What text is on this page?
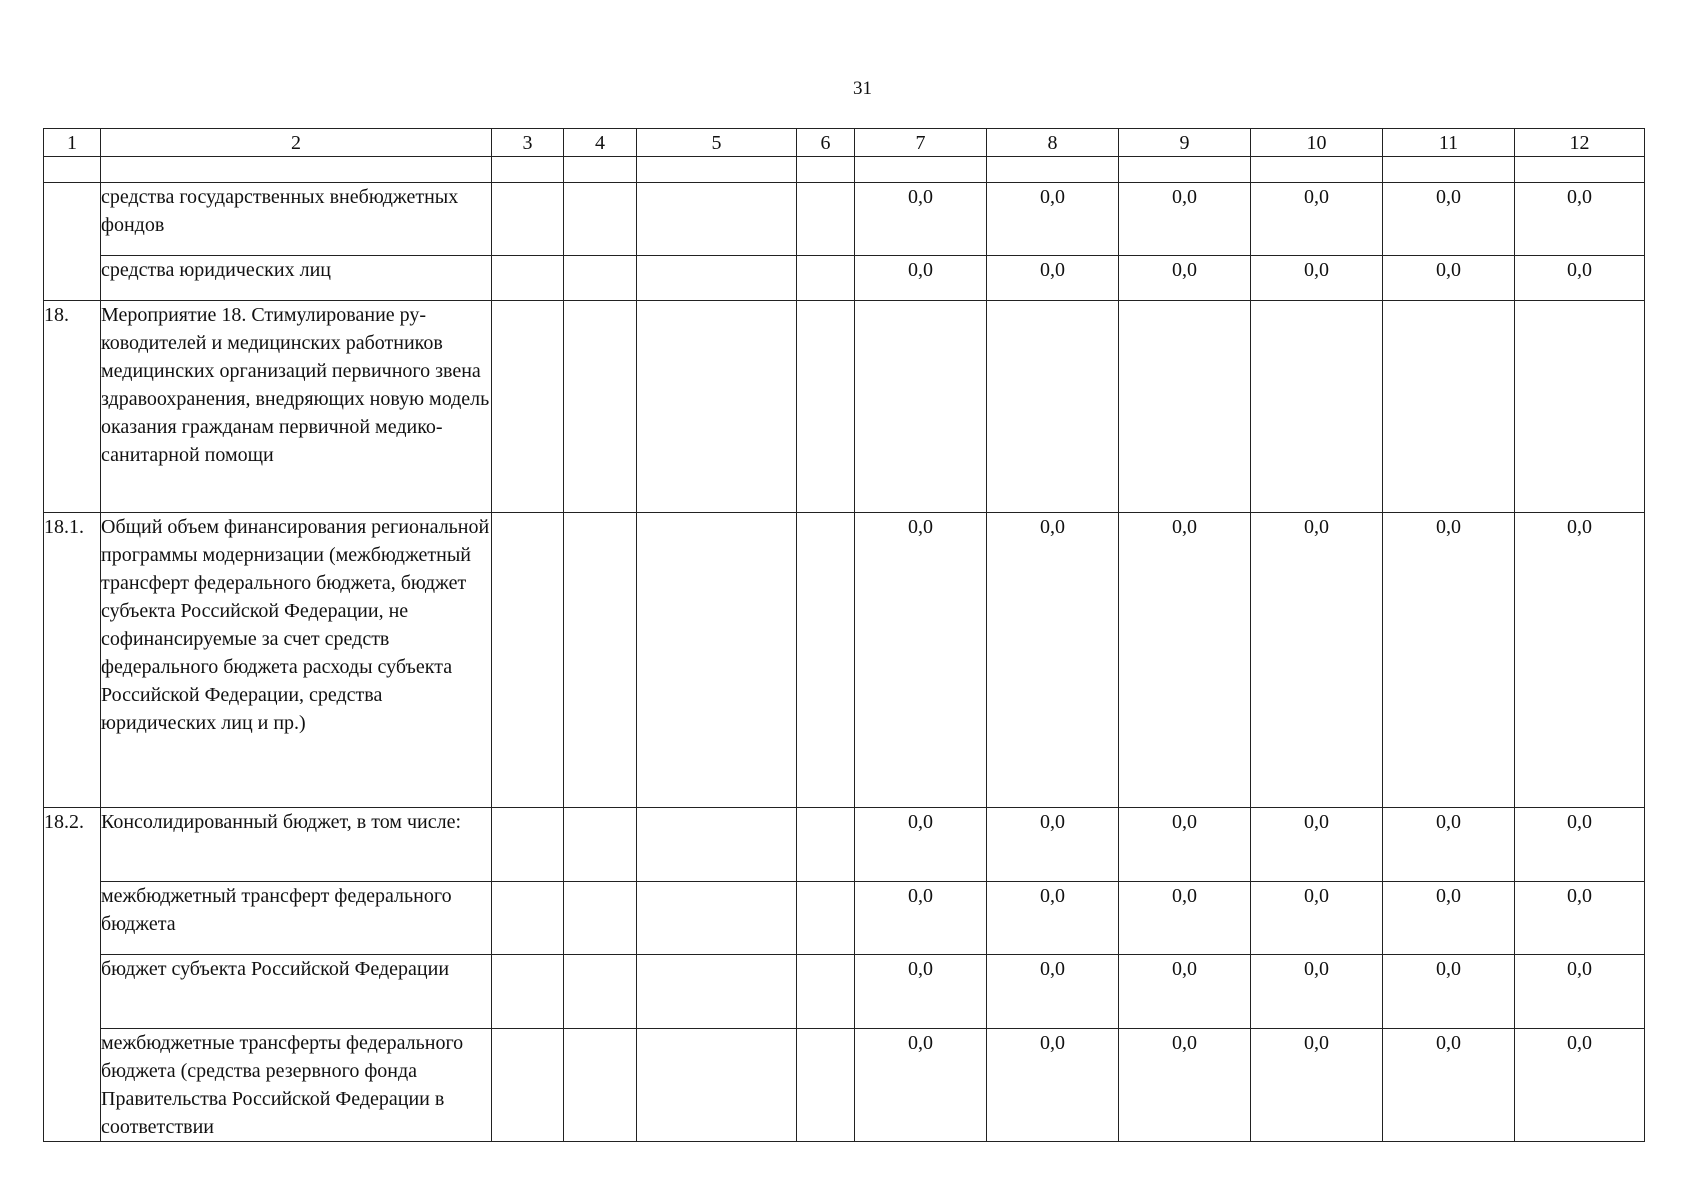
31
1	2	3	4	5	6	7	8	9	10	11	12

	средства государственных внебюджетных фондов					0,0	0,0	0,0	0,0	0,0	0,0
	средства юридических лиц					0,0	0,0	0,0	0,0	0,0	0,0
18.	Мероприятие 18. Стимулирование руководителей и медицинских работников медицинских организаций первичного звена здравоохранения, внедряющих новую модель оказания гражданам первичной медико-санитарной помощи										
18.1.	Общий объем финансирования региональной программы модернизации (межбюджетный трансферт федерального бюджета, бюджет субъекта Российской Федерации, не софинансируемые за счет средств федерального бюджета расходы субъекта Российской Федерации, средства юридических лиц и пр.)					0,0	0,0	0,0	0,0	0,0	0,0
18.2.	Консолидированный бюджет, в том числе:					0,0	0,0	0,0	0,0	0,0	0,0
	межбюджетный трансферт федерального бюджета					0,0	0,0	0,0	0,0	0,0	0,0
	бюджет субъекта Российской Федерации					0,0	0,0	0,0	0,0	0,0	0,0
	межбюджетные трансферты федерального бюджета (средства резервного фонда Правительства Российской Федерации в соответствии					0,0	0,0	0,0	0,0	0,0	0,0
